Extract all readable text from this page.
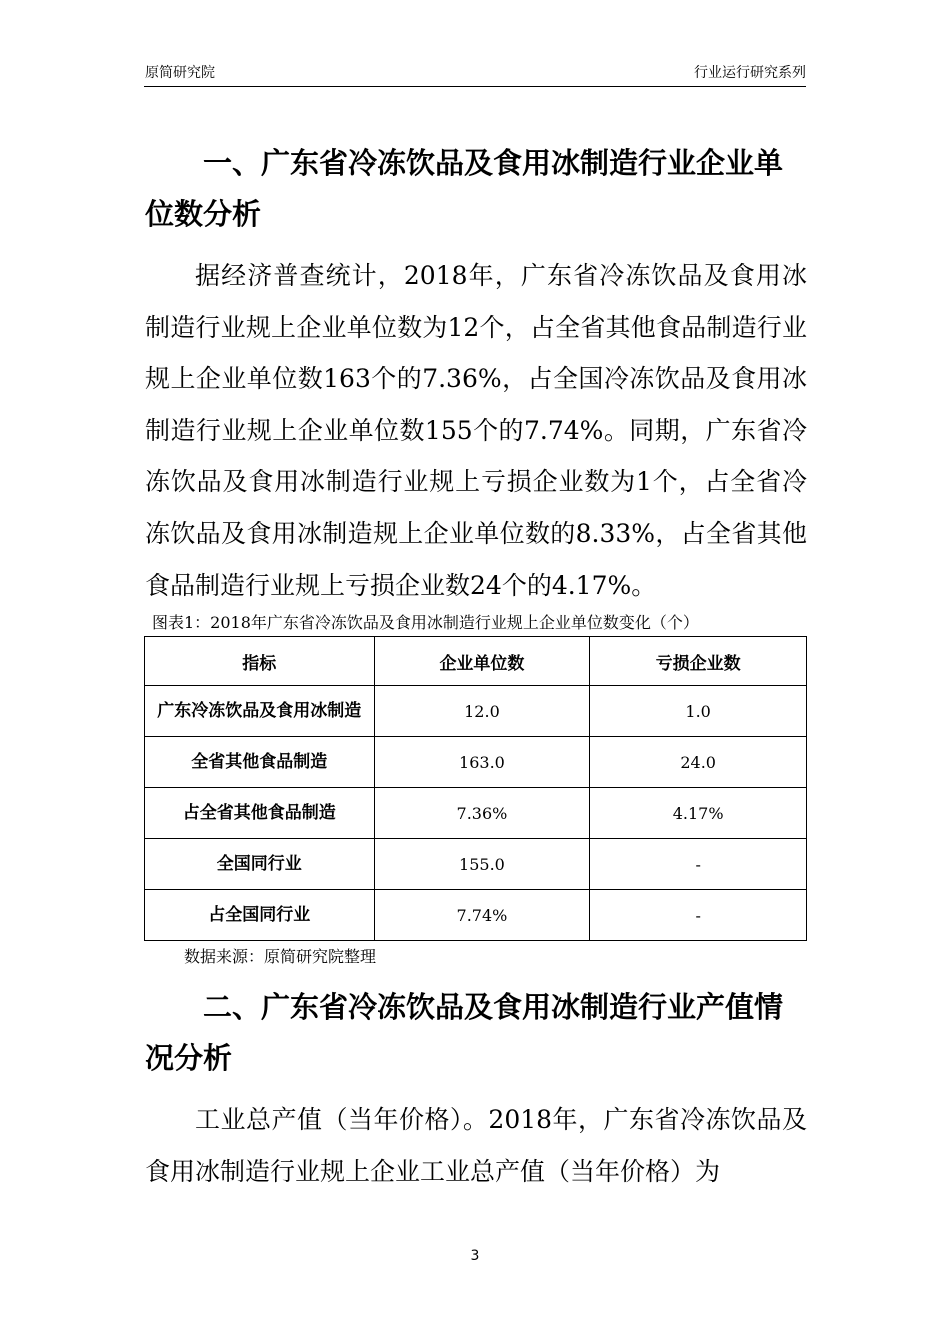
原简研究院	行业运行研究系列
一、广东省冷冻饮品及食用冰制造行业企业单位数分析

据经济普查统计，2018年，广东省冷冻饮品及食用冰制造行业规上企业单位数为12个，占全省其他食品制造行业规上企业单位数163个的7.36%，占全国冷冻饮品及食用冰制造行业规上企业单位数155个的7.74%。同期，广东省冷冻饮品及食用冰制造行业规上亏损企业数为1个，占全省冷冻饮品及食用冰制造规上企业单位数的8.33%，占全省其他食品制造行业规上亏损企业数24个的4.17%。

图表1：2018年广东省冷冻饮品及食用冰制造行业规上企业单位数变化（个）
指标	企业单位数	亏损企业数
广东冷冻饮品及食用冰制造	12.0	1.0
全省其他食品制造	163.0	24.0
占全省其他食品制造	7.36%	4.17%
全国同行业	155.0	-
占全国同行业	7.74%	-
数据来源：原简研究院整理
二、广东省冷冻饮品及食用冰制造行业产值情况分析

工业总产值（当年价格）。2018年，广东省冷冻饮品及食用冰制造行业规上企业工业总产值（当年价格）为

3
